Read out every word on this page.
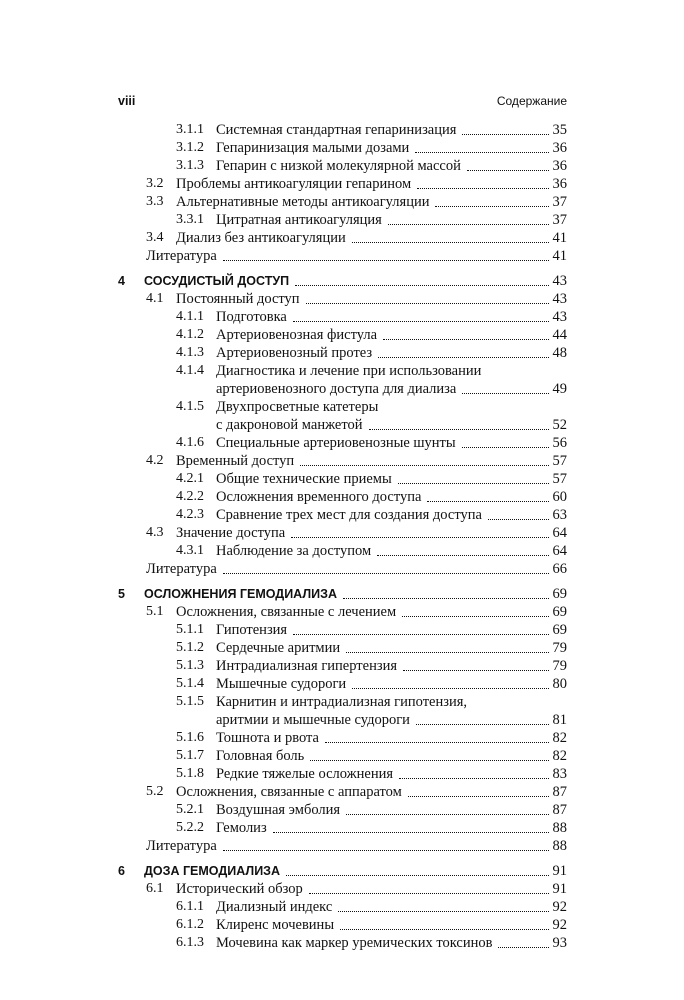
viii	Содержание
3.1.1 Системная стандартная гепаринизация	35
3.1.2 Гепаринизация малыми дозами	36
3.1.3 Гепарин с низкой молекулярной массой	36
3.2 Проблемы антикоагуляции гепарином	36
3.3 Альтернативные методы антикоагуляции	37
3.3.1 Цитратная антикоагуляция	37
3.4 Диализ без антикоагуляции	41
Литература	41
4 СОСУДИСТЫЙ ДОСТУП	43
4.1 Постоянный доступ	43
4.1.1 Подготовка	43
4.1.2 Артериовенозная фистула	44
4.1.3 Артериовенозный протез	48
4.1.4 Диагностика и лечение при использовании
артериовенозного доступа для диализа	49
4.1.5 Двухпросветные катетеры
с дакроновой манжетой	52
4.1.6 Специальные артериовенозные шунты	56
4.2 Временный доступ	57
4.2.1 Общие технические приемы	57
4.2.2 Осложнения временного доступа	60
4.2.3 Сравнение трех мест для создания доступа	63
4.3 Значение доступа	64
4.3.1 Наблюдение за доступом	64
Литература	66
5 ОСЛОЖНЕНИЯ ГЕМОДИАЛИЗА	69
5.1 Осложнения, связанные с лечением	69
5.1.1 Гипотензия	69
5.1.2 Сердечные аритмии	79
5.1.3 Интрадиализная гипертензия	79
5.1.4 Мышечные судороги	80
5.1.5 Карнитин и интрадиализная гипотензия,
аритмии и мышечные судороги	81
5.1.6 Тошнота и рвота	82
5.1.7 Головная боль	82
5.1.8 Редкие тяжелые осложнения	83
5.2 Осложнения, связанные с аппаратом	87
5.2.1 Воздушная эмболия	87
5.2.2 Гемолиз	88
Литература	88
6 ДОЗА ГЕМОДИАЛИЗА	91
6.1 Исторический обзор	91
6.1.1 Диализный индекс	92
6.1.2 Клиренс мочевины	92
6.1.3 Мочевина как маркер уремических токсинов	93
